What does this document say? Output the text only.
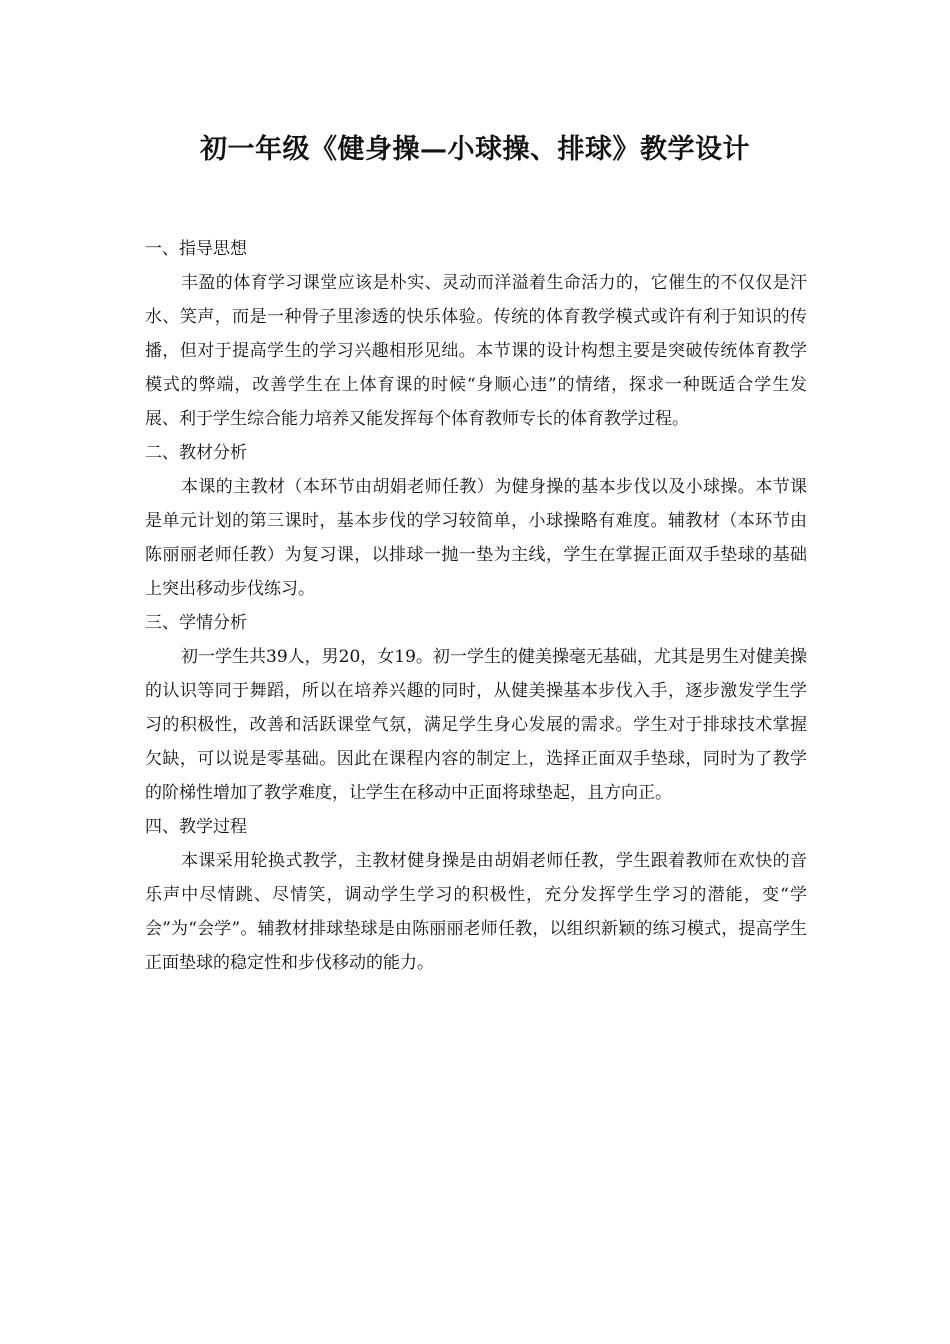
初一年级《健身操—小球操、排球》教学设计
一、指导思想

丰盈的体育学习课堂应该是朴实、灵动而洋溢着生命活力的，它催生的不仅仅是汗水、笑声，而是一种骨子里渗透的快乐体验。传统的体育教学模式或许有利于知识的传播，但对于提高学生的学习兴趣相形见绌。本节课的设计构想主要是突破传统体育教学模式的弊端，改善学生在上体育课的时候“身顺心违”的情绪，探求一种既适合学生发展、利于学生综合能力培养又能发挥每个体育教师专长的体育教学过程。

二、教材分析

本课的主教材（本环节由胡娟老师任教）为健身操的基本步伐以及小球操。本节课是单元计划的第三课时，基本步伐的学习较简单，小球操略有难度。辅教材（本环节由陈丽丽老师任教）为复习课，以排球一抛一垫为主线，学生在掌握正面双手垫球的基础上突出移动步伐练习。

三、学情分析

初一学生共39人，男20，女19。初一学生的健美操毫无基础，尤其是男生对健美操的认识等同于舞蹈，所以在培养兴趣的同时，从健美操基本步伐入手，逐步激发学生学习的积极性，改善和活跃课堂气氛，满足学生身心发展的需求。学生对于排球技术掌握欠缺，可以说是零基础。因此在课程内容的制定上，选择正面双手垫球，同时为了教学的阶梯性增加了教学难度，让学生在移动中正面将球垫起，且方向正。

四、教学过程

本课采用轮换式教学，主教材健身操是由胡娟老师任教，学生跟着教师在欢快的音乐声中尽情跳、尽情笑，调动学生学习的积极性，充分发挥学生学习的潜能，变“学会”为“会学”。辅教材排球垫球是由陈丽丽老师任教，以组织新颖的练习模式，提高学生正面垫球的稳定性和步伐移动的能力。
